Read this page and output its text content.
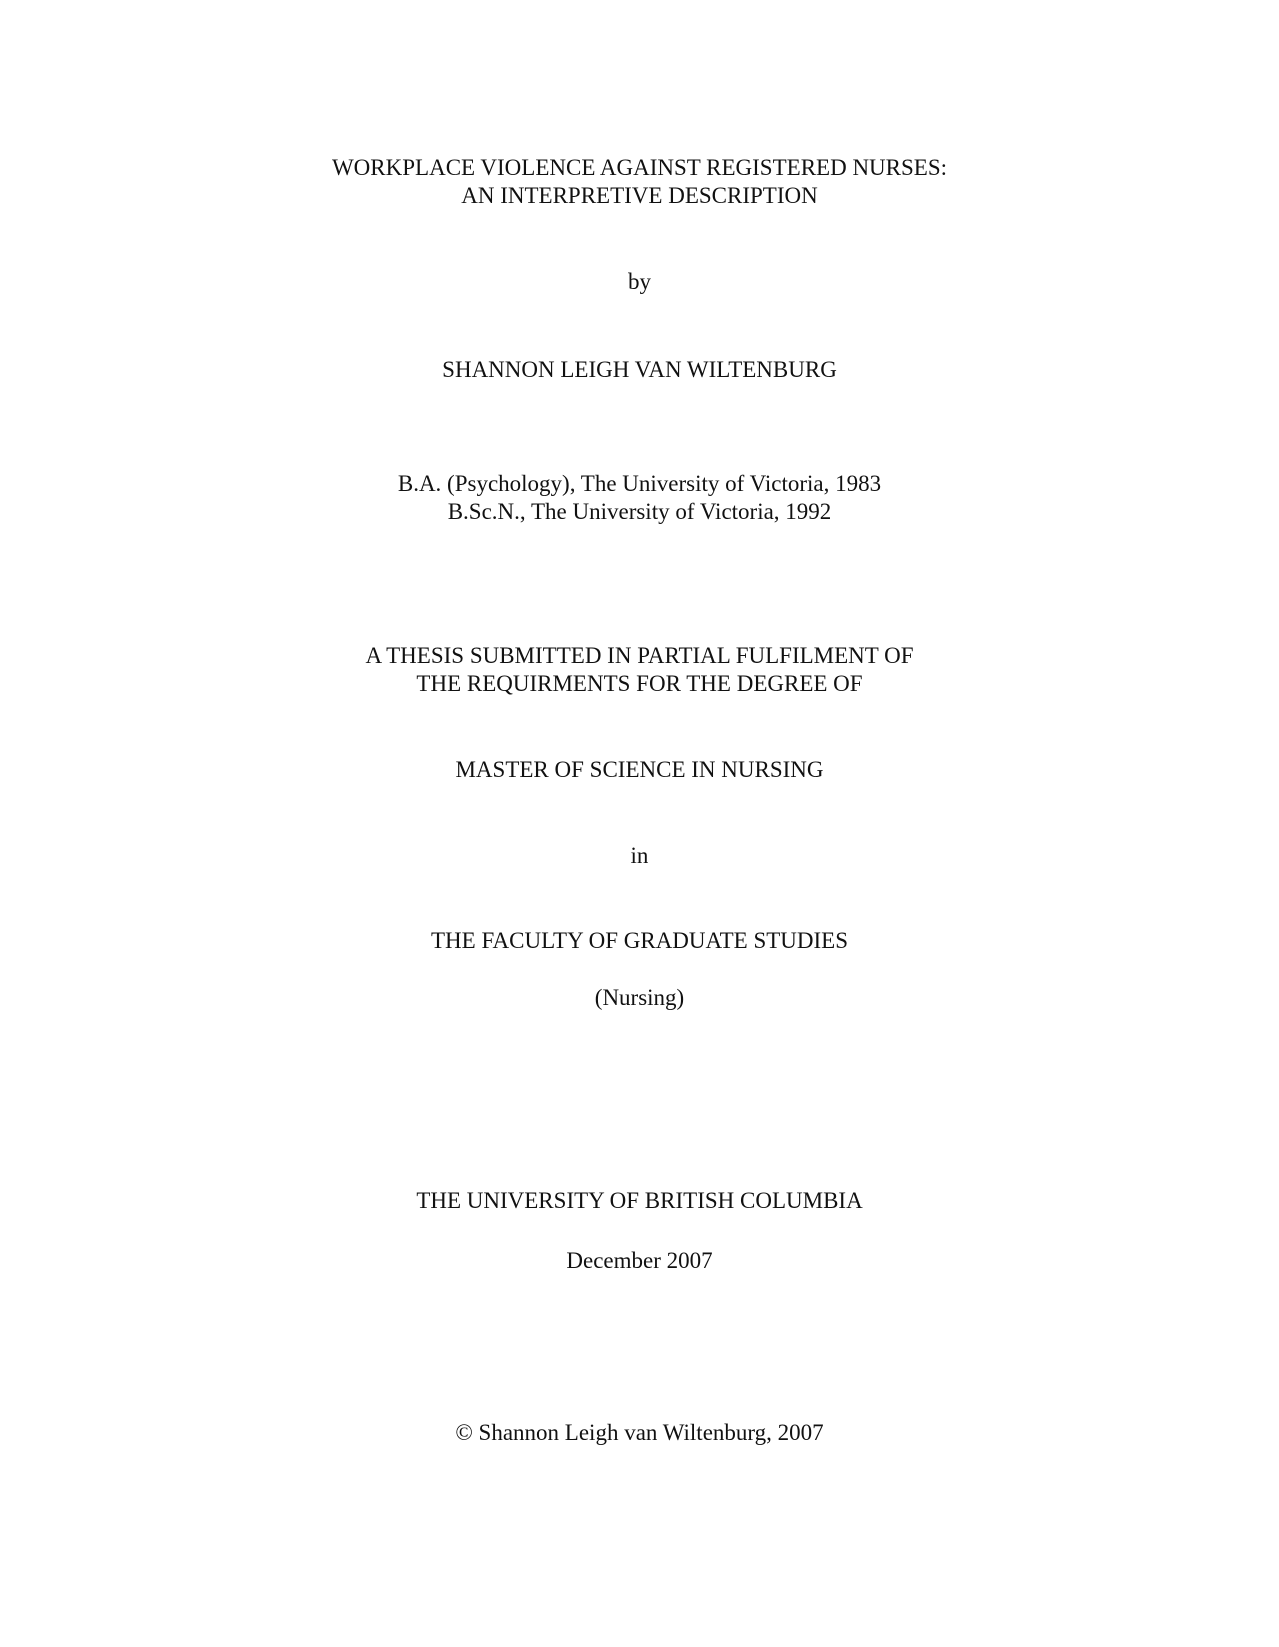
WORKPLACE VIOLENCE AGAINST REGISTERED NURSES:
AN INTERPRETIVE DESCRIPTION
by
SHANNON LEIGH VAN WILTENBURG
B.A. (Psychology), The University of Victoria, 1983
B.Sc.N., The University of Victoria, 1992
A THESIS SUBMITTED IN PARTIAL FULFILMENT OF
THE REQUIRMENTS FOR THE DEGREE OF
MASTER OF SCIENCE IN NURSING
in
THE FACULTY OF GRADUATE STUDIES
(Nursing)
THE UNIVERSITY OF BRITISH COLUMBIA
December 2007
© Shannon Leigh van Wiltenburg, 2007
